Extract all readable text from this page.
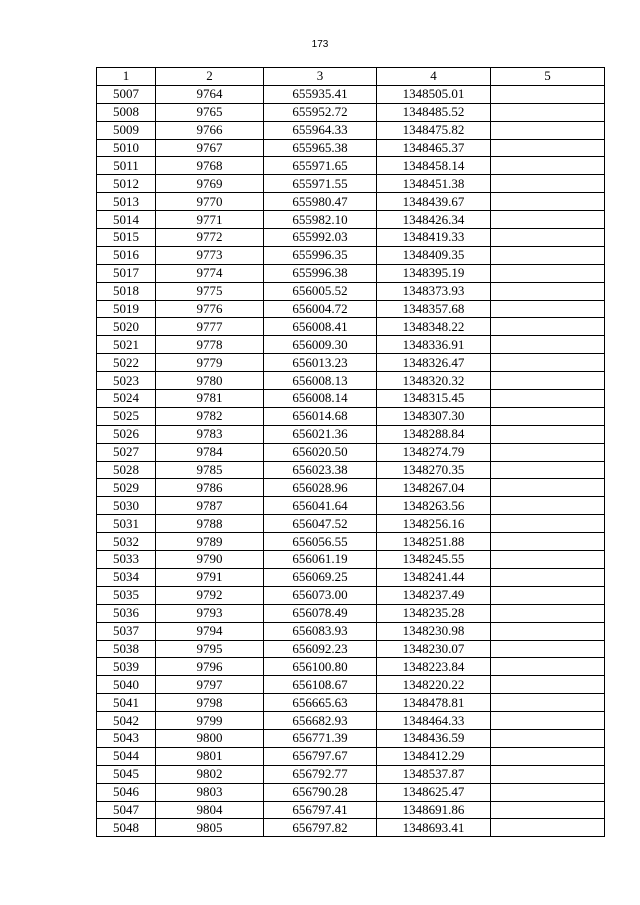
173
1	2	3	4	5
5007	9764	655935.41	1348505.01	
5008	9765	655952.72	1348485.52	
5009	9766	655964.33	1348475.82	
5010	9767	655965.38	1348465.37	
5011	9768	655971.65	1348458.14	
5012	9769	655971.55	1348451.38	
5013	9770	655980.47	1348439.67	
5014	9771	655982.10	1348426.34	
5015	9772	655992.03	1348419.33	
5016	9773	655996.35	1348409.35	
5017	9774	655996.38	1348395.19	
5018	9775	656005.52	1348373.93	
5019	9776	656004.72	1348357.68	
5020	9777	656008.41	1348348.22	
5021	9778	656009.30	1348336.91	
5022	9779	656013.23	1348326.47	
5023	9780	656008.13	1348320.32	
5024	9781	656008.14	1348315.45	
5025	9782	656014.68	1348307.30	
5026	9783	656021.36	1348288.84	
5027	9784	656020.50	1348274.79	
5028	9785	656023.38	1348270.35	
5029	9786	656028.96	1348267.04	
5030	9787	656041.64	1348263.56	
5031	9788	656047.52	1348256.16	
5032	9789	656056.55	1348251.88	
5033	9790	656061.19	1348245.55	
5034	9791	656069.25	1348241.44	
5035	9792	656073.00	1348237.49	
5036	9793	656078.49	1348235.28	
5037	9794	656083.93	1348230.98	
5038	9795	656092.23	1348230.07	
5039	9796	656100.80	1348223.84	
5040	9797	656108.67	1348220.22	
5041	9798	656665.63	1348478.81	
5042	9799	656682.93	1348464.33	
5043	9800	656771.39	1348436.59	
5044	9801	656797.67	1348412.29	
5045	9802	656792.77	1348537.87	
5046	9803	656790.28	1348625.47	
5047	9804	656797.41	1348691.86	
5048	9805	656797.82	1348693.41	
